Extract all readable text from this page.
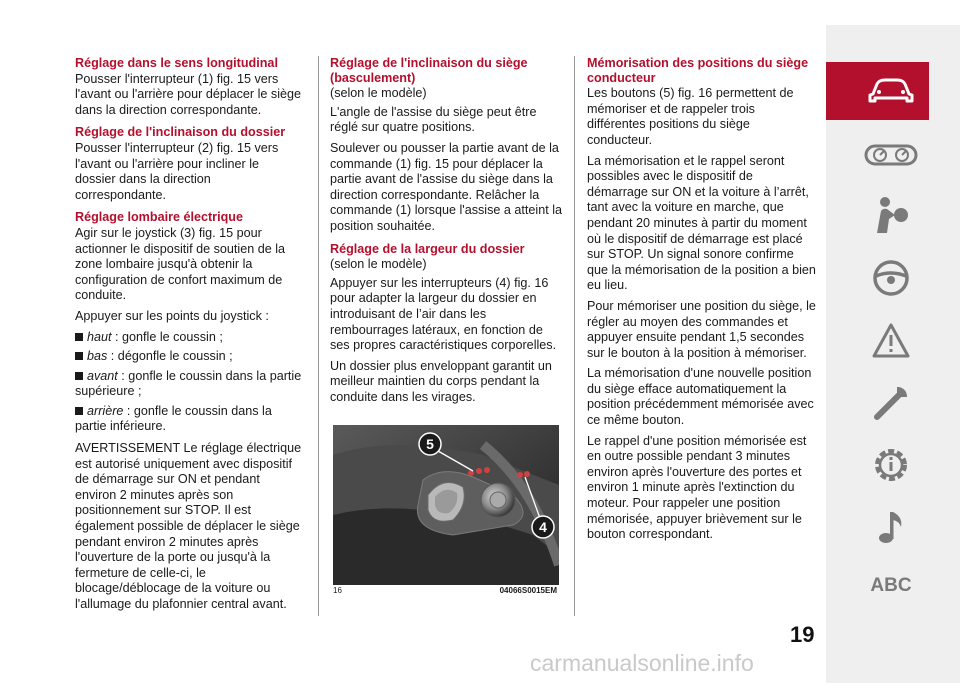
Réglage dans le sens longitudinal
Pousser l'interrupteur (1) fig. 15 vers l'avant ou l'arrière pour déplacer le siège dans la direction correspondante.
Réglage de l'inclinaison du dossier
Pousser l'interrupteur (2) fig. 15 vers l'avant ou l'arrière pour incliner le dossier dans la direction correspondante.
Réglage lombaire électrique
Agir sur le joystick (3) fig. 15 pour actionner le dispositif de soutien de la zone lombaire jusqu'à obtenir la configuration de confort maximum de conduite.
Appuyer sur les points du joystick :
haut : gonfle le coussin ;
bas : dégonfle le coussin ;
avant : gonfle le coussin dans la partie supérieure ;
arrière : gonfle le coussin dans la partie inférieure.
AVERTISSEMENT Le réglage électrique est autorisé uniquement avec dispositif de démarrage sur ON et pendant environ 2 minutes après son positionnement sur STOP. Il est également possible de déplacer le siège pendant environ 2 minutes après l'ouverture de la porte ou jusqu'à la fermeture de celle-ci, le blocage/déblocage de la voiture ou l'allumage du plafonnier central avant.
Réglage de l'inclinaison du siège (basculement)
(selon le modèle)
L'angle de l'assise du siège peut être réglé sur quatre positions.
Soulever ou pousser la partie avant de la commande (1) fig. 15 pour déplacer la partie avant de l'assise du siège dans la direction correspondante. Relâcher la commande (1) lorsque l'assise a atteint la position souhaitée.
Réglage de la largeur du dossier
(selon le modèle)
Appuyer sur les interrupteurs (4) fig. 16 pour adapter la largeur du dossier en introduisant de l’air dans les rembourrages latéraux, en fonction de ses propres caractéristiques corporelles.
Un dossier plus enveloppant garantit un meilleur maintien du corps pendant la conduite dans les virages.
5
4
16	04066S0015EM
Mémorisation des positions du siège conducteur
Les boutons (5) fig. 16 permettent de mémoriser et de rappeler trois différentes positions du siège conducteur.
La mémorisation et le rappel seront possibles avec le dispositif de démarrage sur ON et la voiture à l’arrêt, tant avec la voiture en marche, que pendant 20 minutes à partir du moment où le dispositif de démarrage est placé sur STOP. Un signal sonore confirme que la mémorisation de la position a bien eu lieu.
Pour mémoriser une position du siège, le régler au moyen des commandes et appuyer ensuite pendant 1,5 secondes sur le bouton à la position à mémoriser.
La mémorisation d'une nouvelle position du siège efface automatiquement la position précédemment mémorisée avec ce même bouton.
Le rappel d'une position mémorisée est en outre possible pendant 3 minutes environ après l'ouverture des portes et environ 1 minute après l'extinction du moteur. Pour rappeler une position mémorisée, appuyer brièvement sur le bouton correspondant.
ABC
19
carmanualsonline.info
